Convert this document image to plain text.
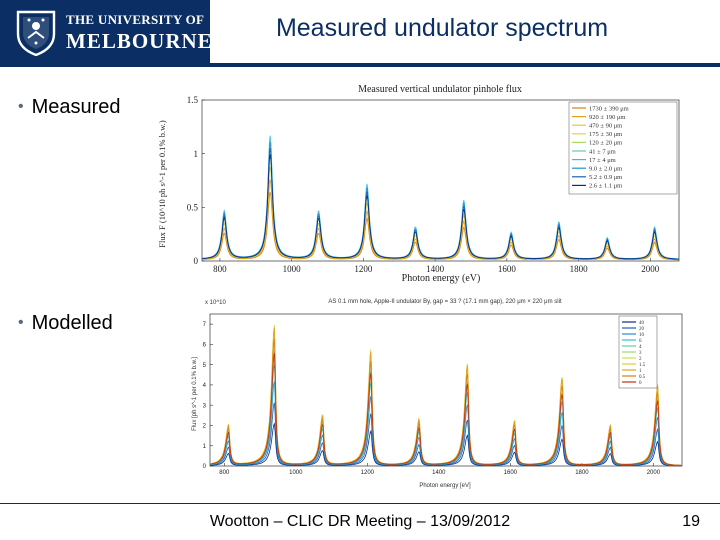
THE UNIVERSITY OF
MELBOURNE	Measured undulator spectrum
• Measured
• Modelled
Measured vertical undulator pinhole flux
Flux F (10^10 ph s^-1 per 0.1% b.w.)
Photon energy (eV)
800	1000	1200	1400	1600	1800	2000
0
0.5
1
1.5
1730 ± 390 μm
920 ± 190 μm
470 ± 90 μm
175 ± 30 μm
120 ± 20 μm
41 ± 7 μm
17 ± 4 μm
9.0 ± 2.0 μm
5.2 ± 0.9 μm
2.6 ± 1.1 μm
AS 0.1 mm hole, Apple-II undulator By, gap = 33 ? (17.1 mm gap), 220 μm × 220 μm slit
x 10^10
Flux [ph s^-1 per 0.1% b.w.]
Photon energy [eV]
800	1000	1200	1400	1600	1800	2000
0
1
2
3
4
5
6
7	40
20
10
6
4
3
2
1.5
1
0.5
0
Wootton – CLIC DR Meeting – 13/09/2012	19
